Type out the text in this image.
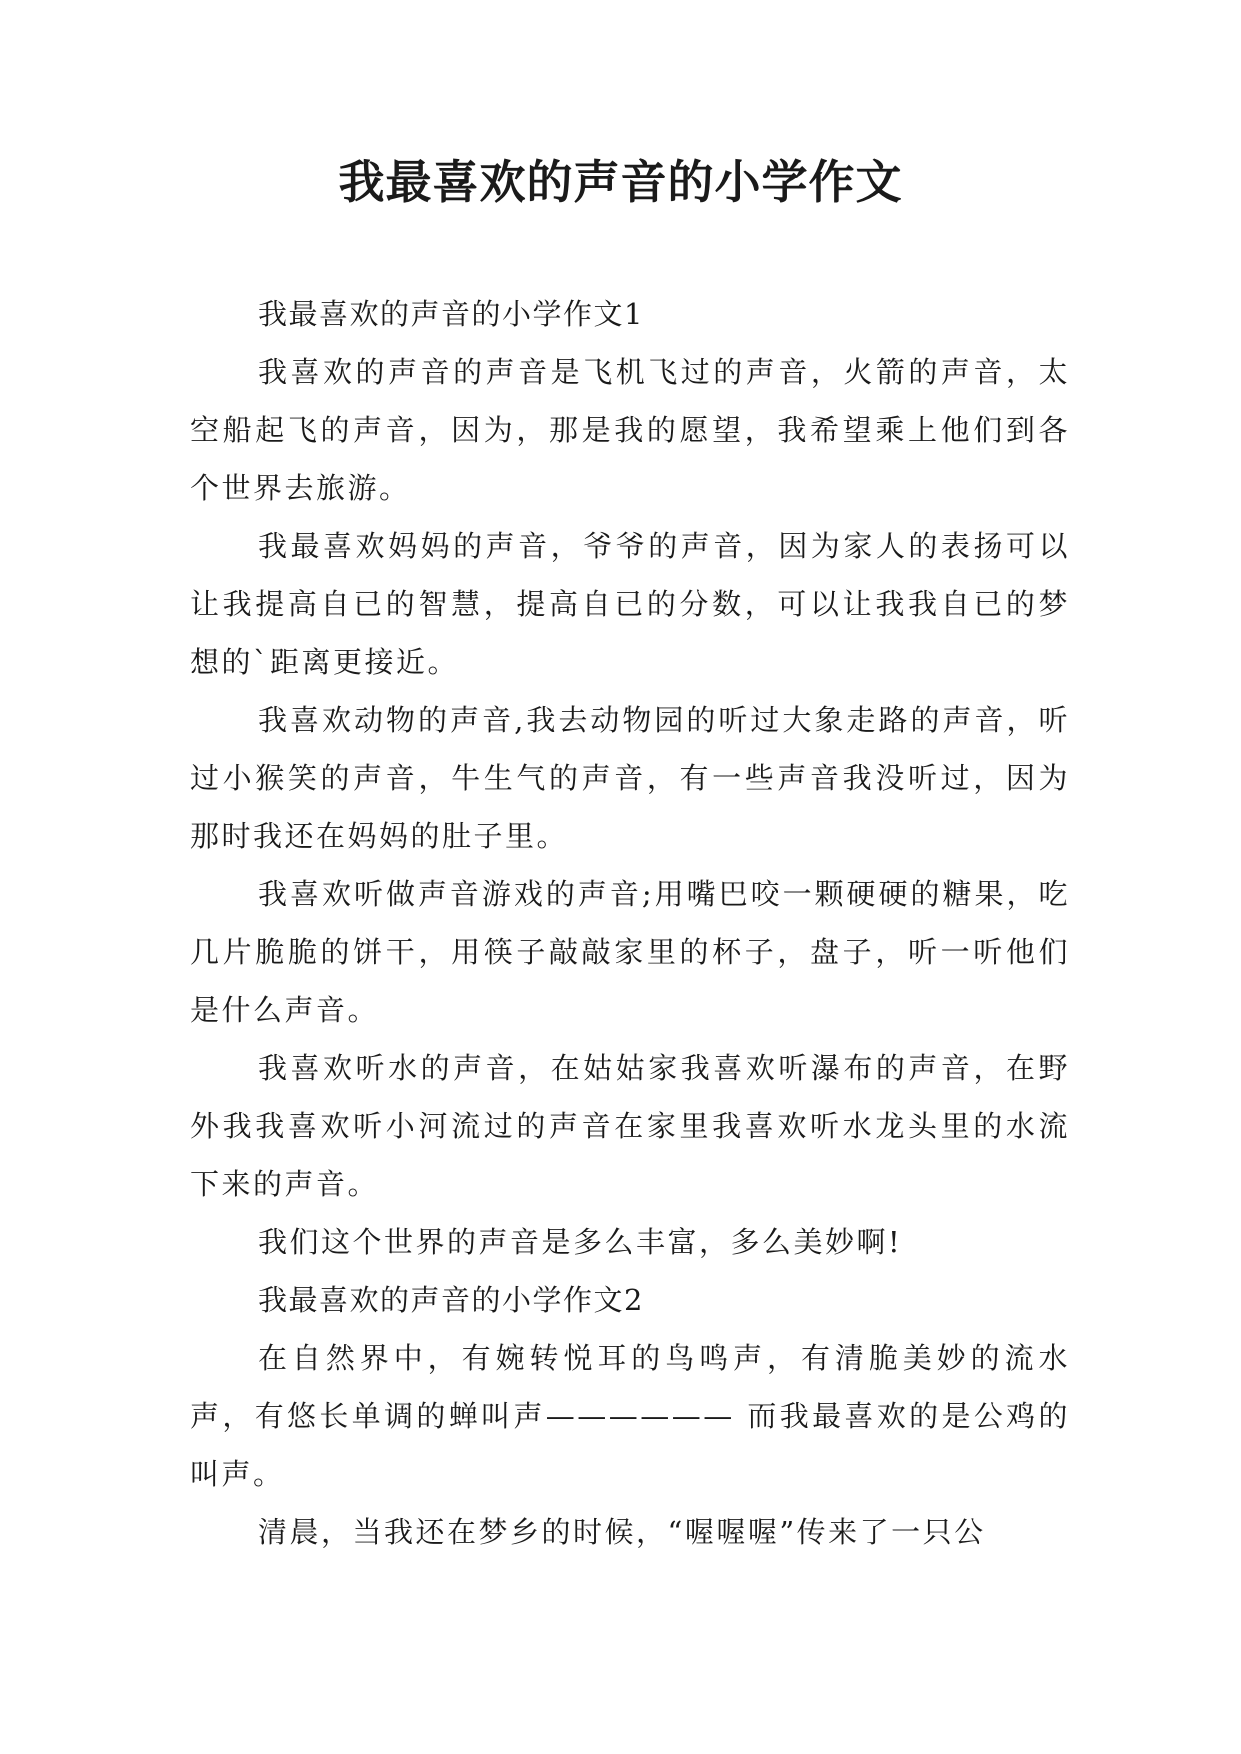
我最喜欢的声音的小学作文

我最喜欢的声音的小学作文1

我喜欢的声音的声音是飞机飞过的声音，火箭的声音，太空船起飞的声音，因为，那是我的愿望，我希望乘上他们到各个世界去旅游。

我最喜欢妈妈的声音，爷爷的声音，因为家人的表扬可以让我提高自已的智慧，提高自已的分数，可以让我我自已的梦想的`距离更接近。

我喜欢动物的声音,我去动物园的听过大象走路的声音，听过小猴笑的声音，牛生气的声音，有一些声音我没听过，因为那时我还在妈妈的肚子里。

我喜欢听做声音游戏的声音;用嘴巴咬一颗硬硬的糖果，吃几片脆脆的饼干，用筷子敲敲家里的杯子，盘子，听一听他们是什么声音。

我喜欢听水的声音，在姑姑家我喜欢听瀑布的声音，在野外我我喜欢听小河流过的声音在家里我喜欢听水龙头里的水流下来的声音。

我们这个世界的声音是多么丰富，多么美妙啊!

我最喜欢的声音的小学作文2

在自然界中，有婉转悦耳的鸟鸣声，有清脆美妙的流水声，有悠长单调的蝉叫声—————— 而我最喜欢的是公鸡的叫声。

清晨，当我还在梦乡的时候，“喔喔喔”传来了一只公
